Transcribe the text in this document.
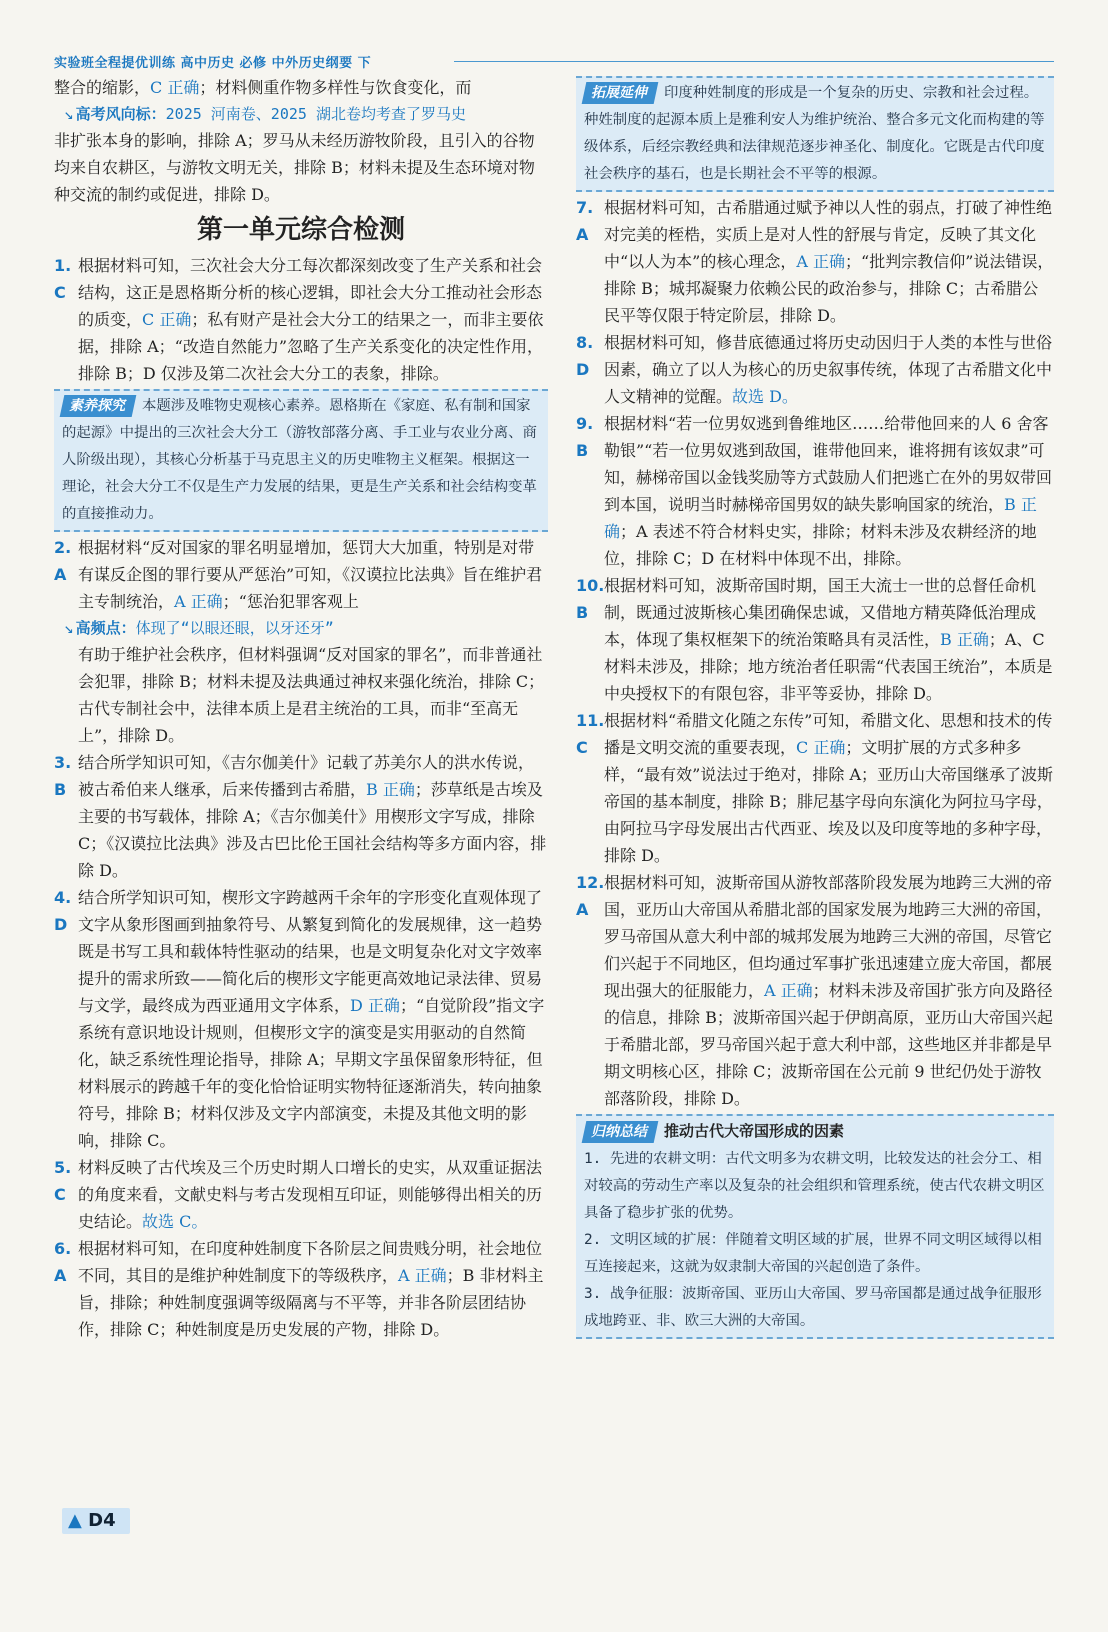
实验班全程提优训练 高中历史 必修 中外历史纲要 下

整合的缩影，C 正确；材料侧重作物多样性与饮食变化，而

↘ 高考风向标：2025 河南卷、2025 湖北卷均考查了罗马史

非扩张本身的影响，排除 A；罗马从未经历游牧阶段，且引入的谷物均来自农耕区，与游牧文明无关，排除 B；材料未提及生态环境对物种交流的制约或促进，排除 D。

第一单元综合检测

1. C
根据材料可知，三次社会大分工每次都深刻改变了生产关系和社会结构，这正是恩格斯分析的核心逻辑，即社会大分工推动社会形态的质变，C 正确；私有财产是社会大分工的结果之一，而非主要依据，排除 A；“改造自然能力”忽略了生产关系变化的决定性作用，排除 B；D 仅涉及第二次社会大分工的表象，排除。
素养探究 本题涉及唯物史观核心素养。恩格斯在《家庭、私有制和国家的起源》中提出的三次社会大分工（游牧部落分离、手工业与农业分离、商人阶级出现），其核心分析基于马克思主义的历史唯物主义框架。根据这一理论，社会大分工不仅是生产力发展的结果，更是生产关系和社会结构变革的直接推动力。
2. A
根据材料“反对国家的罪名明显增加，惩罚大大加重，特别是对带有谋反企图的罪行要从严惩治”可知，《汉谟拉比法典》旨在维护君主专制统治，A 正确；“惩治犯罪客观上
↘ 高频点：体现了“以眼还眼，以牙还牙”

有助于维护社会秩序，但材料强调“反对国家的罪名”，而非普通社会犯罪，排除 B；材料未提及法典通过神权来强化统治，排除 C；古代专制社会中，法律本质上是君主统治的工具，而非“至高无上”，排除 D。

3. B
结合所学知识可知，《吉尔伽美什》记载了苏美尔人的洪水传说，被古希伯来人继承，后来传播到古希腊，B 正确；莎草纸是古埃及主要的书写载体，排除 A；《吉尔伽美什》用楔形文字写成，排除 C；《汉谟拉比法典》涉及古巴比伦王国社会结构等多方面内容，排除 D。
4. D
结合所学知识可知，楔形文字跨越两千余年的字形变化直观体现了文字从象形图画到抽象符号、从繁复到简化的发展规律，这一趋势既是书写工具和载体特性驱动的结果，也是文明复杂化对文字效率提升的需求所致——简化后的楔形文字能更高效地记录法律、贸易与文学，最终成为西亚通用文字体系，D 正确；“自觉阶段”指文字系统有意识地设计规则，但楔形文字的演变是实用驱动的自然简化，缺乏系统性理论指导，排除 A；早期文字虽保留象形特征，但材料展示的跨越千年的变化恰恰证明实物特征逐渐消失，转向抽象符号，排除 B；材料仅涉及文字内部演变，未提及其他文明的影响，排除 C。
5. C
材料反映了古代埃及三个历史时期人口增长的史实，从双重证据法的角度来看，文献史料与考古发现相互印证，则能够得出相关的历史结论。故选 C。
6. A
根据材料可知，在印度种姓制度下各阶层之间贵贱分明，社会地位不同，其目的是维护种姓制度下的等级秩序，A 正确；B 非材料主旨，排除；种姓制度强调等级隔离与不平等，并非各阶层团结协作，排除 C；种姓制度是历史发展的产物，排除 D。
拓展延伸 印度种姓制度的形成是一个复杂的历史、宗教和社会过程。种姓制度的起源本质上是雅利安人为维护统治、整合多元文化而构建的等级体系，后经宗教经典和法律规范逐步神圣化、制度化。它既是古代印度社会秩序的基石，也是长期社会不平等的根源。
7. A
根据材料可知，古希腊通过赋予神以人性的弱点，打破了神性绝对完美的桎梏，实质上是对人性的舒展与肯定，反映了其文化中“以人为本”的核心理念，A 正确；“批判宗教信仰”说法错误，排除 B；城邦凝聚力依赖公民的政治参与，排除 C；古希腊公民平等仅限于特定阶层，排除 D。
8. D
根据材料可知，修昔底德通过将历史动因归于人类的本性与世俗因素，确立了以人为核心的历史叙事传统，体现了古希腊文化中人文精神的觉醒。故选 D。
9. B
根据材料“若一位男奴逃到鲁维地区……给带他回来的人 6 舍客勒银”“若一位男奴逃到敌国，谁带他回来，谁将拥有该奴隶”可知，赫梯帝国以金钱奖励等方式鼓励人们把逃亡在外的男奴带回到本国，说明当时赫梯帝国男奴的缺失影响国家的统治，B 正确；A 表述不符合材料史实，排除；材料未涉及农耕经济的地位，排除 C；D 在材料中体现不出，排除。
10. B
根据材料可知，波斯帝国时期，国王大流士一世的总督任命机制，既通过波斯核心集团确保忠诚，又借地方精英降低治理成本，体现了集权框架下的统治策略具有灵活性，B 正确；A、C 材料未涉及，排除；地方统治者任职需“代表国王统治”，本质是中央授权下的有限包容，非平等妥协，排除 D。
11. C
根据材料“希腊文化随之东传”可知，希腊文化、思想和技术的传播是文明交流的重要表现，C 正确；文明扩展的方式多种多样，“最有效”说法过于绝对，排除 A；亚历山大帝国继承了波斯帝国的基本制度，排除 B；腓尼基字母向东演化为阿拉马字母，由阿拉马字母发展出古代西亚、埃及以及印度等地的多种字母，排除 D。
12. A
根据材料可知，波斯帝国从游牧部落阶段发展为地跨三大洲的帝国，亚历山大帝国从希腊北部的国家发展为地跨三大洲的帝国，罗马帝国从意大利中部的城邦发展为地跨三大洲的帝国，尽管它们兴起于不同地区，但均通过军事扩张迅速建立庞大帝国，都展现出强大的征服能力，A 正确；材料未涉及帝国扩张方向及路径的信息，排除 B；波斯帝国兴起于伊朗高原，亚历山大帝国兴起于希腊北部，罗马帝国兴起于意大利中部，这些地区并非都是早期文明核心区，排除 C；波斯帝国在公元前 9 世纪仍处于游牧部落阶段，排除 D。
归纳总结 推动古代大帝国形成的因素
1. 先进的农耕文明：古代文明多为农耕文明，比较发达的社会分工、相对较高的劳动生产率以及复杂的社会组织和管理系统，使古代农耕文明区具备了稳步扩张的优势。
2. 文明区域的扩展：伴随着文明区域的扩展，世界不同文明区域得以相互连接起来，这就为奴隶制大帝国的兴起创造了条件。
3. 战争征服：波斯帝国、亚历山大帝国、罗马帝国都是通过战争征服形成地跨亚、非、欧三大洲的大帝国。
▲ D4
